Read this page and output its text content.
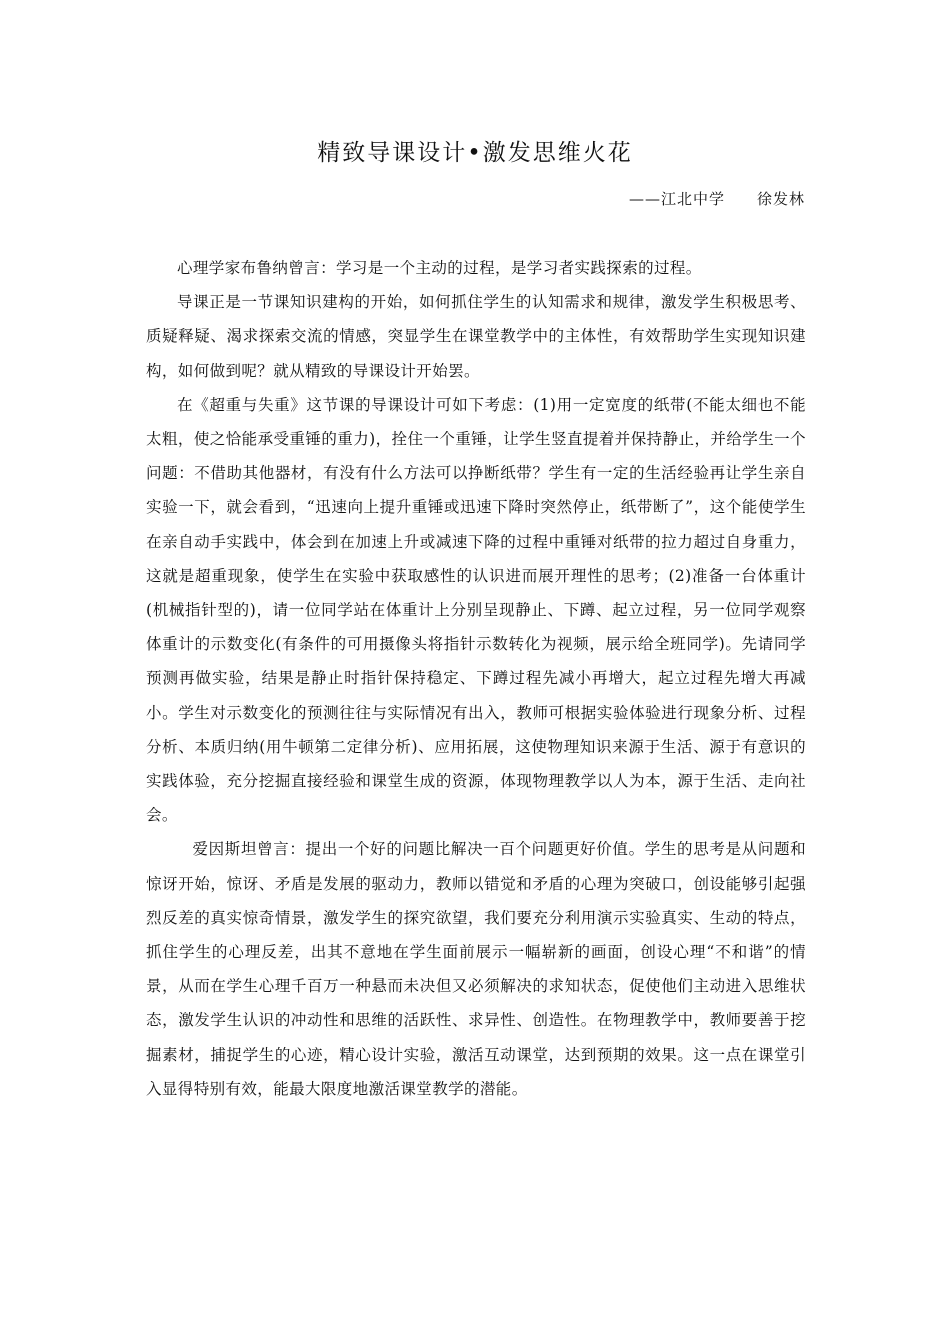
精致导课设计•激发思维火花

——江北中学　　徐发林

心理学家布鲁纳曾言：学习是一个主动的过程，是学习者实践探索的过程。

导课正是一节课知识建构的开始，如何抓住学生的认知需求和规律，激发学生积极思考、质疑释疑、渴求探索交流的情感，突显学生在课堂教学中的主体性，有效帮助学生实现知识建构，如何做到呢？就从精致的导课设计开始罢。

在《超重与失重》这节课的导课设计可如下考虑：(1)用一定宽度的纸带(不能太细也不能太粗，使之恰能承受重锤的重力)，拴住一个重锤，让学生竖直提着并保持静止，并给学生一个问题：不借助其他器材，有没有什么方法可以挣断纸带？学生有一定的生活经验再让学生亲自实验一下，就会看到，“迅速向上提升重锤或迅速下降时突然停止，纸带断了”，这个能使学生在亲自动手实践中，体会到在加速上升或减速下降的过程中重锤对纸带的拉力超过自身重力，这就是超重现象，使学生在实验中获取感性的认识进而展开理性的思考；(2)准备一台体重计(机械指针型的)，请一位同学站在体重计上分别呈现静止、下蹲、起立过程，另一位同学观察体重计的示数变化(有条件的可用摄像头将指针示数转化为视频，展示给全班同学)。先请同学预测再做实验，结果是静止时指针保持稳定、下蹲过程先减小再增大，起立过程先增大再减小。学生对示数变化的预测往往与实际情况有出入，教师可根据实验体验进行现象分析、过程分析、本质归纳(用牛顿第二定律分析)、应用拓展，这使物理知识来源于生活、源于有意识的实践体验，充分挖掘直接经验和课堂生成的资源，体现物理教学以人为本，源于生活、走向社会。

爱因斯坦曾言：提出一个好的问题比解决一百个问题更好价值。学生的思考是从问题和惊讶开始，惊讶、矛盾是发展的驱动力，教师以错觉和矛盾的心理为突破口，创设能够引起强烈反差的真实惊奇情景，激发学生的探究欲望，我们要充分利用演示实验真实、生动的特点，抓住学生的心理反差，出其不意地在学生面前展示一幅崭新的画面，创设心理“不和谐”的情景，从而在学生心理千百万一种悬而未决但又必须解决的求知状态，促使他们主动进入思维状态，激发学生认识的冲动性和思维的活跃性、求异性、创造性。在物理教学中，教师要善于挖掘素材，捕捉学生的心迹，精心设计实验，激活互动课堂，达到预期的效果。这一点在课堂引入显得特别有效，能最大限度地激活课堂教学的潜能。
